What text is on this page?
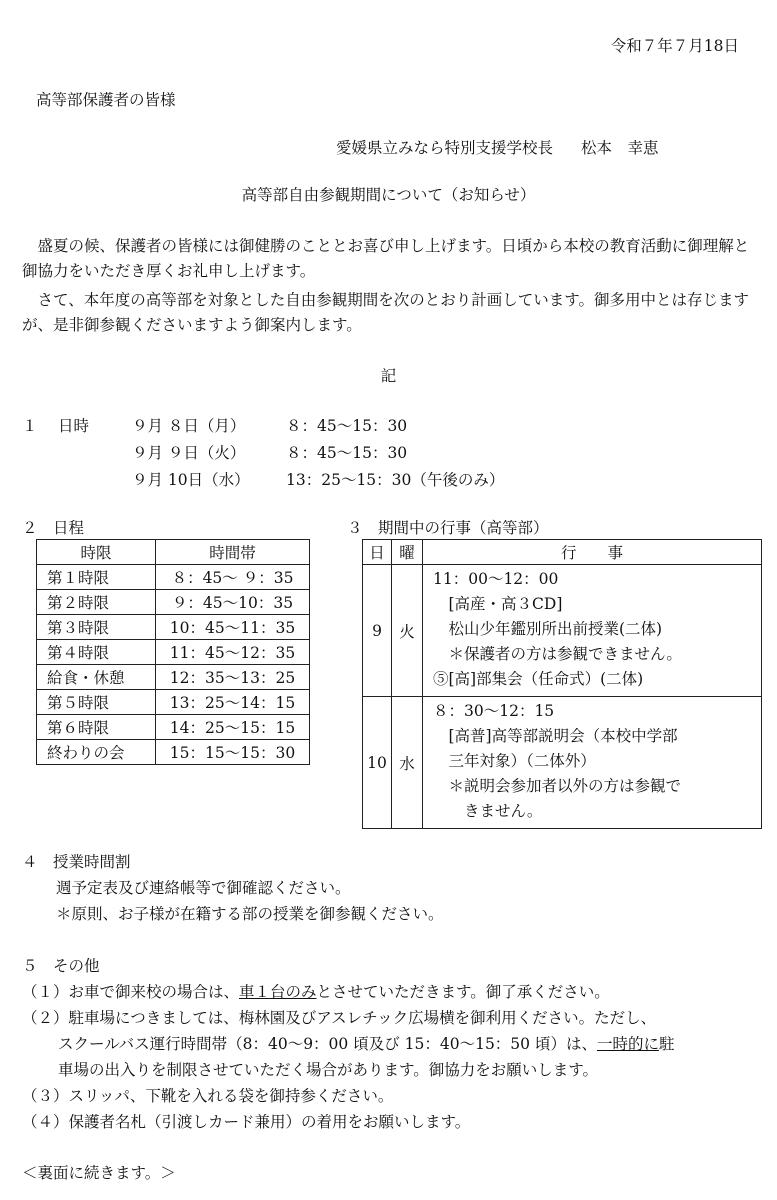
令和７年７月18日
高等部保護者の皆様
愛媛県立みなら特別支援学校長 松本　幸恵
高等部自由参観期間について（お知らせ）
　盛夏の候、保護者の皆様には御健勝のこととお喜び申し上げます。日頃から本校の教育活動に御理解と御協力をいただき厚くお礼申し上げます。
　さて、本年度の高等部を対象とした自由参観期間を次のとおり計画しています。御多用中とは存じますが、是非御参観くださいますよう御案内します。
記
１ 日時	９月 ８日（月）	８：45～15：30
９月 ９日（火）	８：45～15：30
９月 10日（水） 13：25～15：30（午後のみ）
２　日程	３　期間中の行事（高等部）
時限	時間帯
第１時限	８：45～ ９：35
第２時限	９：45～10：35
第３時限	10：45～11：35
第４時限	11：45～12：35
給食・休憩	12：35～13：25
第５時限	13：25～14：15
第６時限	14：25～15：15
終わりの会	15：15～15：30
日	曜	行　　事
9	火	11：00～12：00
　[高産・高３CD]
　松山少年鑑別所出前授業(二体)
　＊保護者の方は参観できません。
⑤[高]部集会（任命式）(二体)

10	水	８：30～12：15
　[高普]高等部説明会（本校中学部
　三年対象）（二体外）
　＊説明会参加者以外の方は参観で
　　きません。
４　授業時間割
週予定表及び連絡帳等で御確認ください。
＊原則、お子様が在籍する部の授業を御参観ください。
５　その他
（１）お車で御来校の場合は、車１台のみとさせていただきます。御了承ください。
（２）駐車場につきましては、梅林園及びアスレチック広場横を御利用ください。ただし、
スクールバス運行時間帯（8：40～9：00 頃及び 15：40～15：50 頃）は、一時的に駐
車場の出入りを制限させていただく場合があります。御協力をお願いします。
（３）スリッパ、下靴を入れる袋を御持参ください。
（４）保護者名札（引渡しカード兼用）の着用をお願いします。
＜裏面に続きます。＞
